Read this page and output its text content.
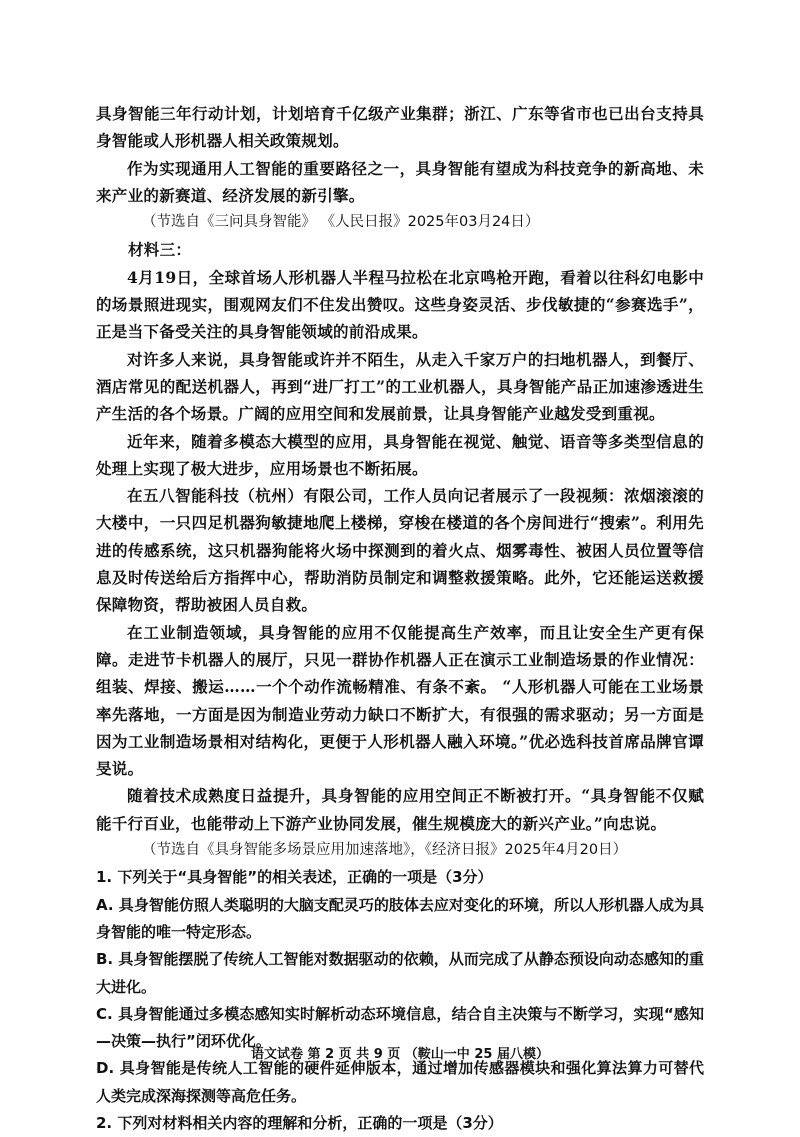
具身智能三年行动计划，计划培育千亿级产业集群；浙江、广东等省市也已出台支持具身智能或人形机器人相关政策规划。

作为实现通用人工智能的重要路径之一，具身智能有望成为科技竞争的新高地、未来产业的新赛道、经济发展的新引擎。

（节选自《三问具身智能》 《人民日报》2025年03月24日）

材料三：

4月19日，全球首场人形机器人半程马拉松在北京鸣枪开跑，看着以往科幻电影中的场景照进现实，围观网友们不住发出赞叹。这些身姿灵活、步伐敏捷的“参赛选手”，正是当下备受关注的具身智能领域的前沿成果。

对许多人来说，具身智能或许并不陌生，从走入千家万户的扫地机器人，到餐厅、酒店常见的配送机器人，再到“进厂打工”的工业机器人，具身智能产品正加速渗透进生产生活的各个场景。广阔的应用空间和发展前景，让具身智能产业越发受到重视。

近年来，随着多模态大模型的应用，具身智能在视觉、触觉、语音等多类型信息的处理上实现了极大进步，应用场景也不断拓展。

在五八智能科技（杭州）有限公司，工作人员向记者展示了一段视频：浓烟滚滚的大楼中，一只四足机器狗敏捷地爬上楼梯，穿梭在楼道的各个房间进行“搜索”。利用先进的传感系统，这只机器狗能将火场中探测到的着火点、烟雾毒性、被困人员位置等信息及时传送给后方指挥中心，帮助消防员制定和调整救援策略。此外，它还能运送救援保障物资，帮助被困人员自救。

在工业制造领域，具身智能的应用不仅能提高生产效率，而且让安全生产更有保障。走进节卡机器人的展厅，只见一群协作机器人正在演示工业制造场景的作业情况：组装、焊接、搬运……一个个动作流畅精准、有条不紊。 “人形机器人可能在工业场景率先落地，一方面是因为制造业劳动力缺口不断扩大，有很强的需求驱动；另一方面是因为工业制造场景相对结构化，更便于人形机器人融入环境。”优必选科技首席品牌官谭旻说。

随着技术成熟度日益提升，具身智能的应用空间正不断被打开。“具身智能不仅赋能千行百业，也能带动上下游产业协同发展，催生规模庞大的新兴产业。”向忠说。

（节选自《具身智能多场景应用加速落地》，《经济日报》2025年4月20日）

1. 下列关于“具身智能”的相关表述，正确的一项是（3分）

A. 具身智能仿照人类聪明的大脑支配灵巧的肢体去应对变化的环境，所以人形机器人成为具身智能的唯一特定形态。

B. 具身智能摆脱了传统人工智能对数据驱动的依赖，从而完成了从静态预设向动态感知的重大进化。

C. 具身智能通过多模态感知实时解析动态环境信息，结合自主决策与不断学习，实现“感知—决策—执行”闭环优化。

D. 具身智能是传统人工智能的硬件延伸版本，通过增加传感器模块和强化算法算力可替代人类完成深海探测等高危任务。

2. 下列对材料相关内容的理解和分析，正确的一项是（3分）

语文试卷 第 2 页 共 9 页 （鞍山一中 25 届八模）
